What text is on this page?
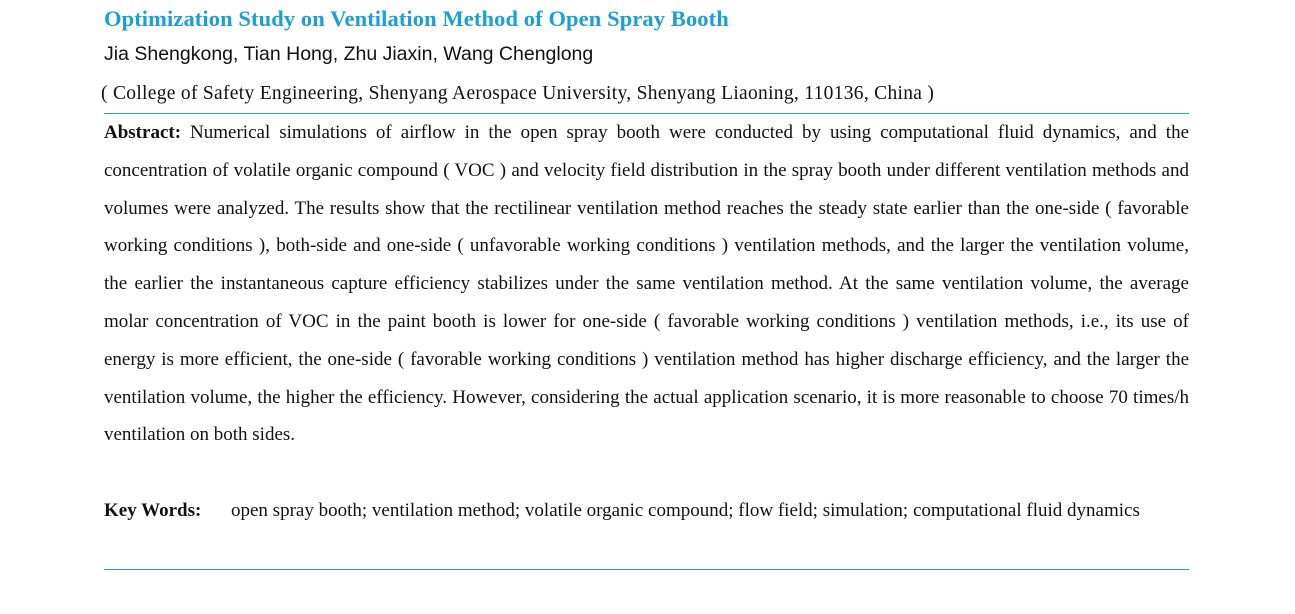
Optimization Study on Ventilation Method of Open Spray Booth
Jia Shengkong, Tian Hong, Zhu Jiaxin, Wang Chenglong
( College of Safety Engineering, Shenyang Aerospace University, Shenyang Liaoning, 110136, China )
Abstract: Numerical simulations of airflow in the open spray booth were conducted by using computational fluid dynamics, and the concentration of volatile organic compound ( VOC ) and velocity field distribution in the spray booth under different ventilation methods and volumes were analyzed. The results show that the rectilinear ventilation method reaches the steady state earlier than the one-side ( favorable working conditions ), both-side and one-side ( unfavorable working conditions ) ventilation methods, and the larger the ventilation volume, the earlier the instantaneous capture efficiency stabilizes under the same ventilation method. At the same ventilation volume, the average molar concentration of VOC in the paint booth is lower for one-side ( favorable working conditions ) ventilation methods, i.e., its use of energy is more efficient, the one-side ( favorable working conditions ) ventilation method has higher discharge efficiency, and the larger the ventilation volume, the higher the efficiency. However, considering the actual application scenario, it is more reasonable to choose 70 times/h ventilation on both sides.
Key Words:	open spray booth; ventilation method; volatile organic compound; flow field; simulation; computational fluid dynamics
